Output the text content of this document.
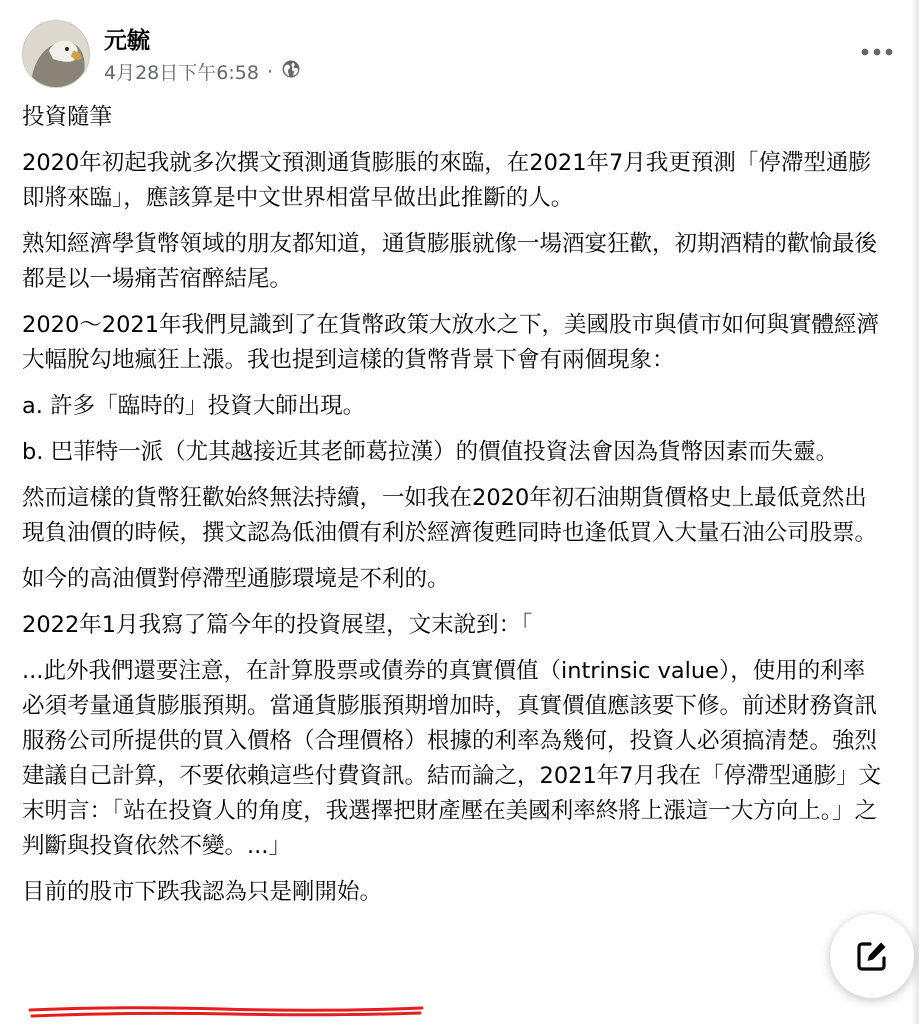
元毓
4月28日下午6:58 ·

投資隨筆

2020年初起我就多次撰文預測通貨膨脹的來臨，在2021年7月我更預測「停滯型通膨即將來臨」，應該算是中文世界相當早做出此推斷的人。

熟知經濟學貨幣領域的朋友都知道，通貨膨脹就像一場酒宴狂歡，初期酒精的歡愉最後都是以一場痛苦宿醉結尾。

2020～2021年我們見識到了在貨幣政策大放水之下，美國股市與債市如何與實體經濟大幅脫勾地瘋狂上漲。我也提到這樣的貨幣背景下會有兩個現象：

a. 許多「臨時的」投資大師出現。

b. 巴菲特一派（尤其越接近其老師葛拉漢）的價值投資法會因為貨幣因素而失靈。

然而這樣的貨幣狂歡始終無法持續，一如我在2020年初石油期貨價格史上最低竟然出現負油價的時候，撰文認為低油價有利於經濟復甦同時也逢低買入大量石油公司股票。

如今的高油價對停滯型通膨環境是不利的。

2022年1月我寫了篇今年的投資展望，文末說到：「

...此外我們還要注意，在計算股票或債券的真實價值（intrinsic value），使用的利率必須考量通貨膨脹預期。當通貨膨脹預期增加時，真實價值應該要下修。前述財務資訊服務公司所提供的買入價格（合理價格）根據的利率為幾何，投資人必須搞清楚。強烈建議自己計算，不要依賴這些付費資訊。結而論之，2021年7月我在「停滯型通膨」文末明言：「站在投資人的角度，我選擇把財產壓在美國利率終將上漲這一大方向上。」之判斷與投資依然不變。...」

目前的股市下跌我認為只是剛開始。
